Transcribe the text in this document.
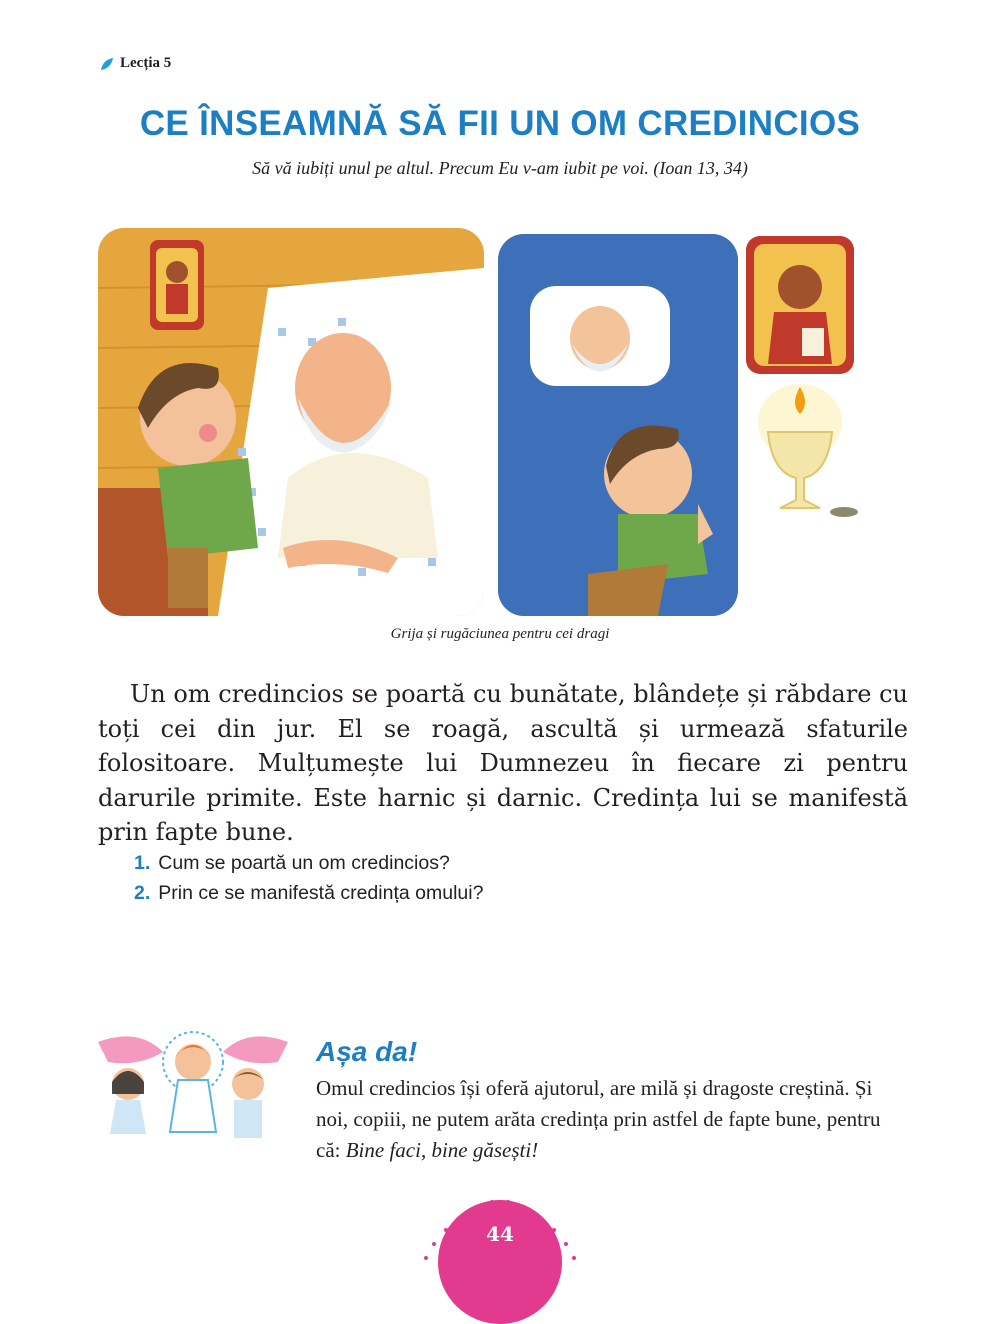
Lecția 5
CE ÎNSEAMNĂ SĂ FII UN OM CREDINCIOS
Să vă iubiți unul pe altul. Precum Eu v-am iubit pe voi. (Ioan 13, 34)
Grija și rugăciunea pentru cei dragi

Un om credincios se poartă cu bunătate, blândețe și răbdare cu toți cei din jur. El se roagă, ascultă și urmează sfaturile folositoare. Mulțumește lui Dumnezeu în fiecare zi pentru darurile primite. Este harnic și darnic. Credința lui se manifestă prin fapte bune.

1. Cum se poartă un om credincios?
2. Prin ce se manifestă credința omului?
Așa da!
Omul credincios își oferă ajutorul, are milă și dragoste creștină. Și noi, copiii, ne putem arăta credința prin astfel de fapte bune, pentru că: Bine faci, bine găsești!
44
